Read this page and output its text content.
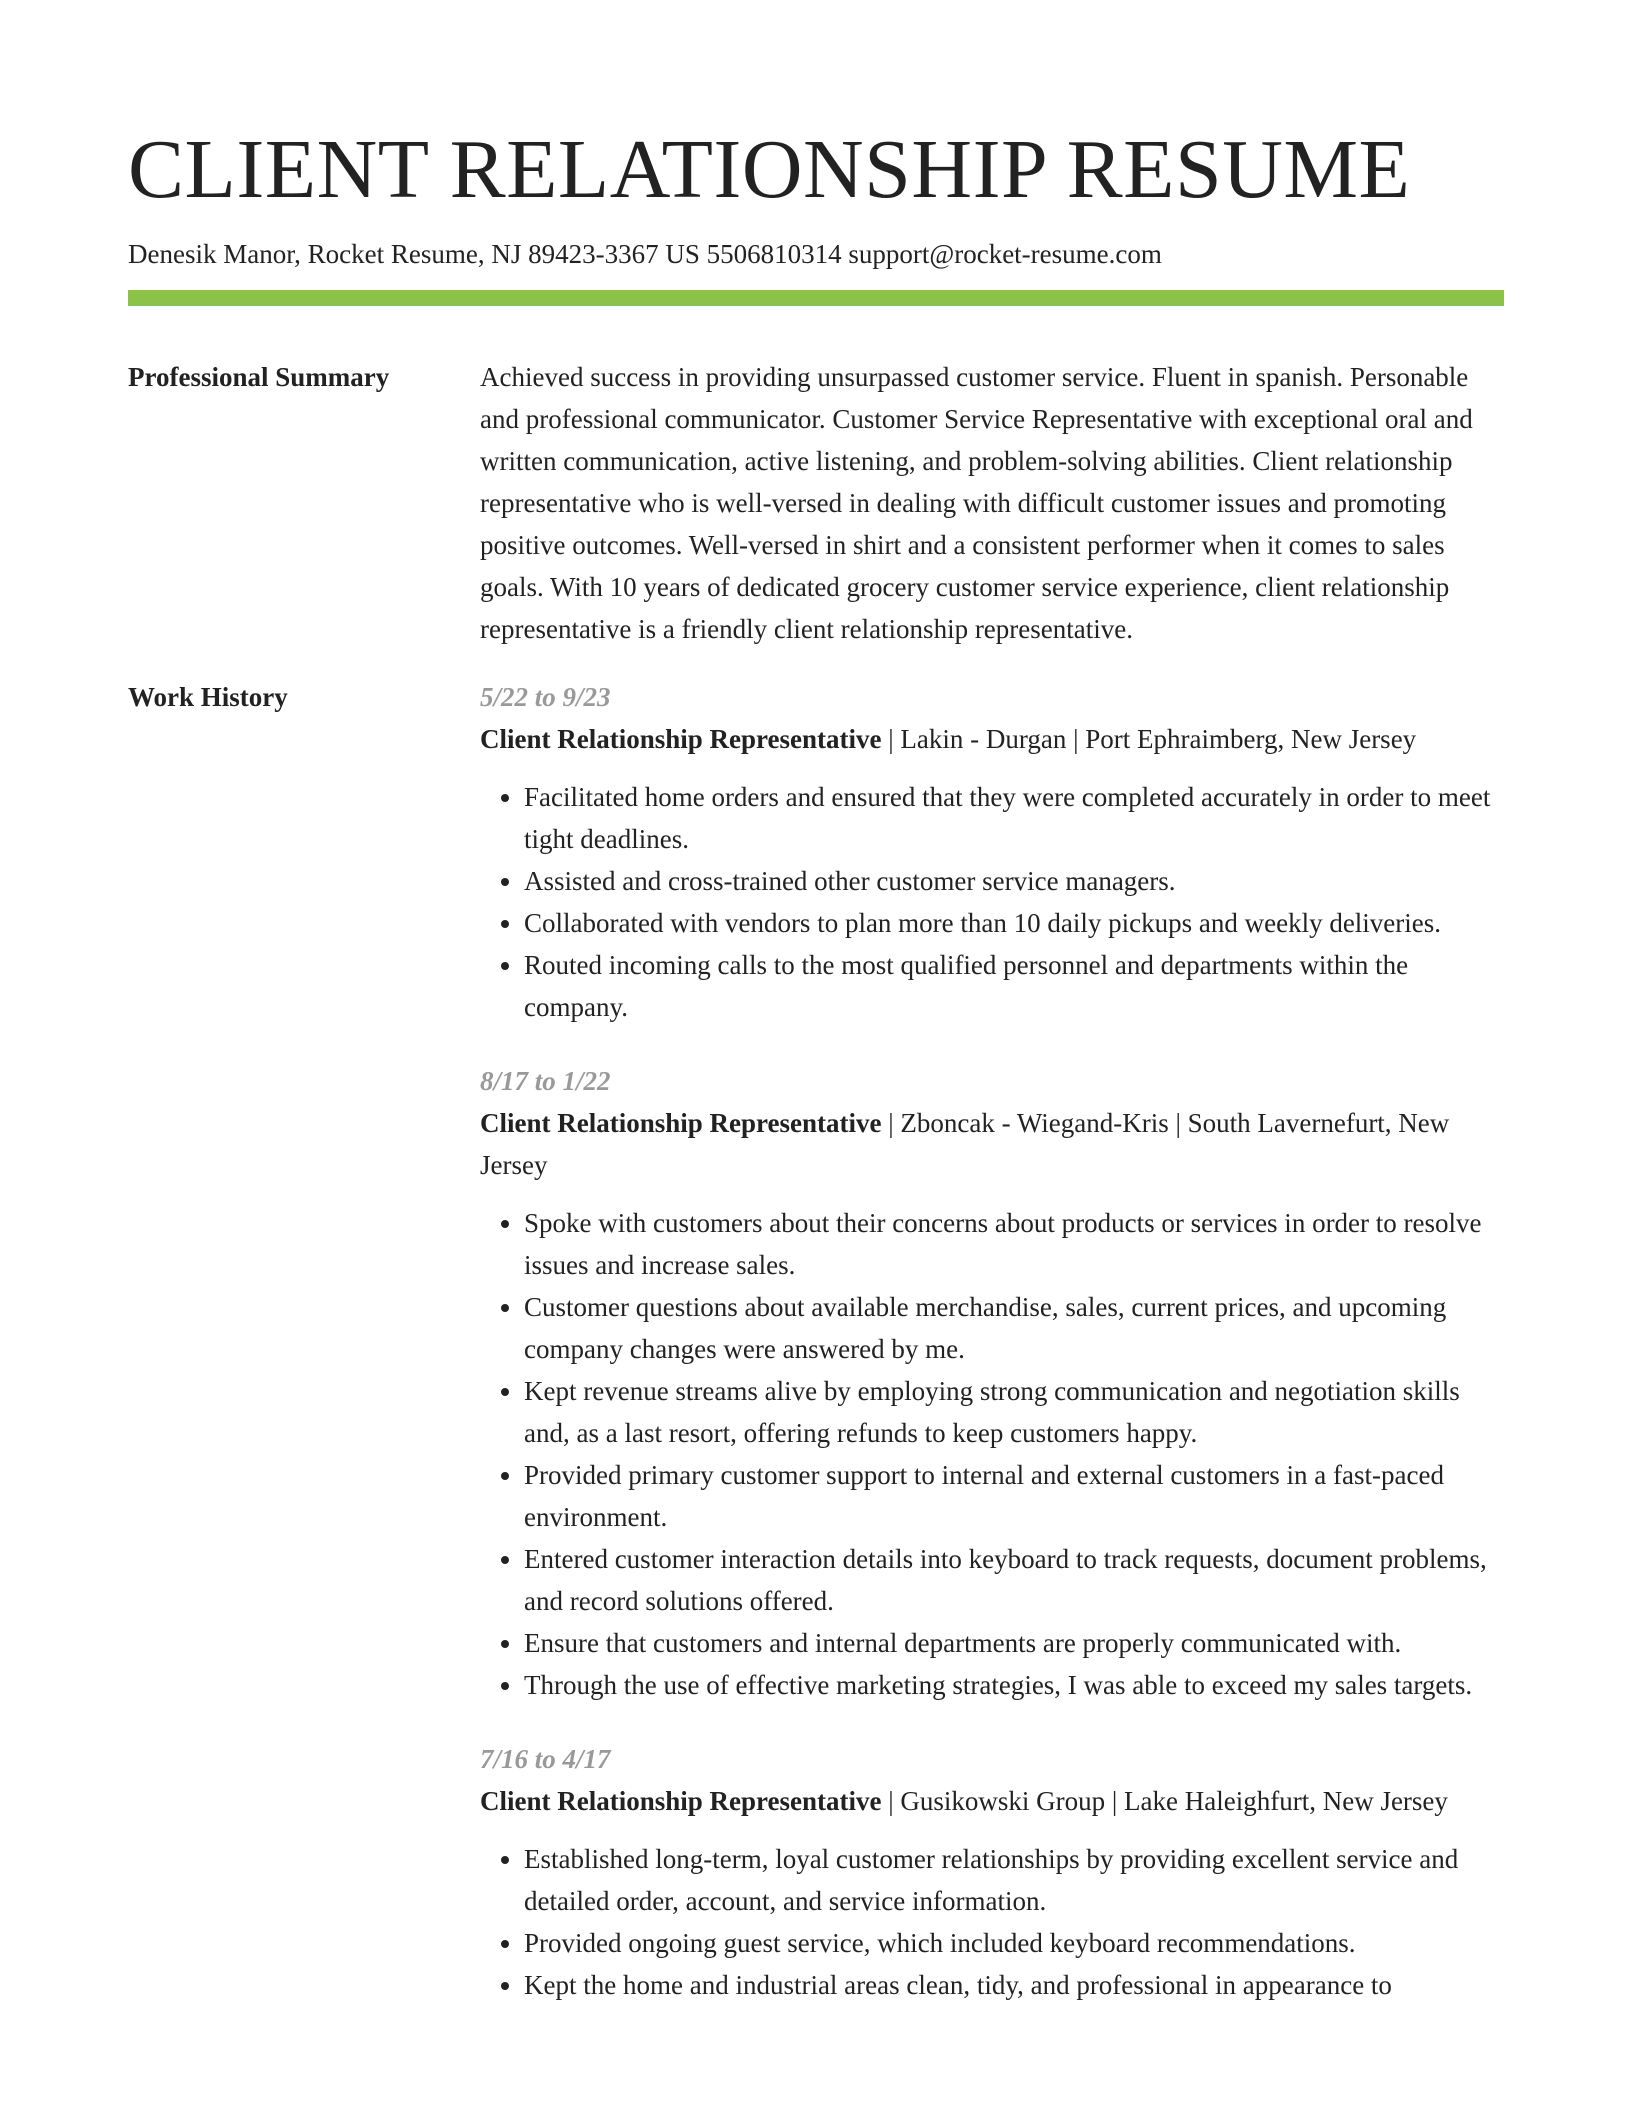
CLIENT RELATIONSHIP RESUME
Denesik Manor, Rocket Resume, NJ 89423-3367 US 5506810314 support@rocket-resume.com
Professional Summary	Achieved success in providing unsurpassed customer service. Fluent in spanish. Personable and professional communicator. Customer Service Representative with exceptional oral and written communication, active listening, and problem-solving abilities. Client relationship representative who is well-versed in dealing with difficult customer issues and promoting positive outcomes. Well-versed in shirt and a consistent performer when it comes to sales goals. With 10 years of dedicated grocery customer service experience, client relationship representative is a friendly client relationship representative.

Work History	5/22 to 9/23

Client Relationship Representative | Lakin - Durgan | Port Ephraimberg, New Jersey

• Facilitated home orders and ensured that they were completed accurately in order to meet tight deadlines.
• Assisted and cross-trained other customer service managers.
• Collaborated with vendors to plan more than 10 daily pickups and weekly deliveries.
• Routed incoming calls to the most qualified personnel and departments within the company.
8/17 to 1/22

Client Relationship Representative | Zboncak - Wiegand-Kris | South Lavernefurt, New Jersey

• Spoke with customers about their concerns about products or services in order to resolve issues and increase sales.
• Customer questions about available merchandise, sales, current prices, and upcoming company changes were answered by me.
• Kept revenue streams alive by employing strong communication and negotiation skills and, as a last resort, offering refunds to keep customers happy.
• Provided primary customer support to internal and external customers in a fast-paced environment.
• Entered customer interaction details into keyboard to track requests, document problems, and record solutions offered.
• Ensure that customers and internal departments are properly communicated with.
• Through the use of effective marketing strategies, I was able to exceed my sales targets.
7/16 to 4/17

Client Relationship Representative | Gusikowski Group | Lake Haleighfurt, New Jersey

• Established long-term, loyal customer relationships by providing excellent service and detailed order, account, and service information.
• Provided ongoing guest service, which included keyboard recommendations.
• Kept the home and industrial areas clean, tidy, and professional in appearance to
